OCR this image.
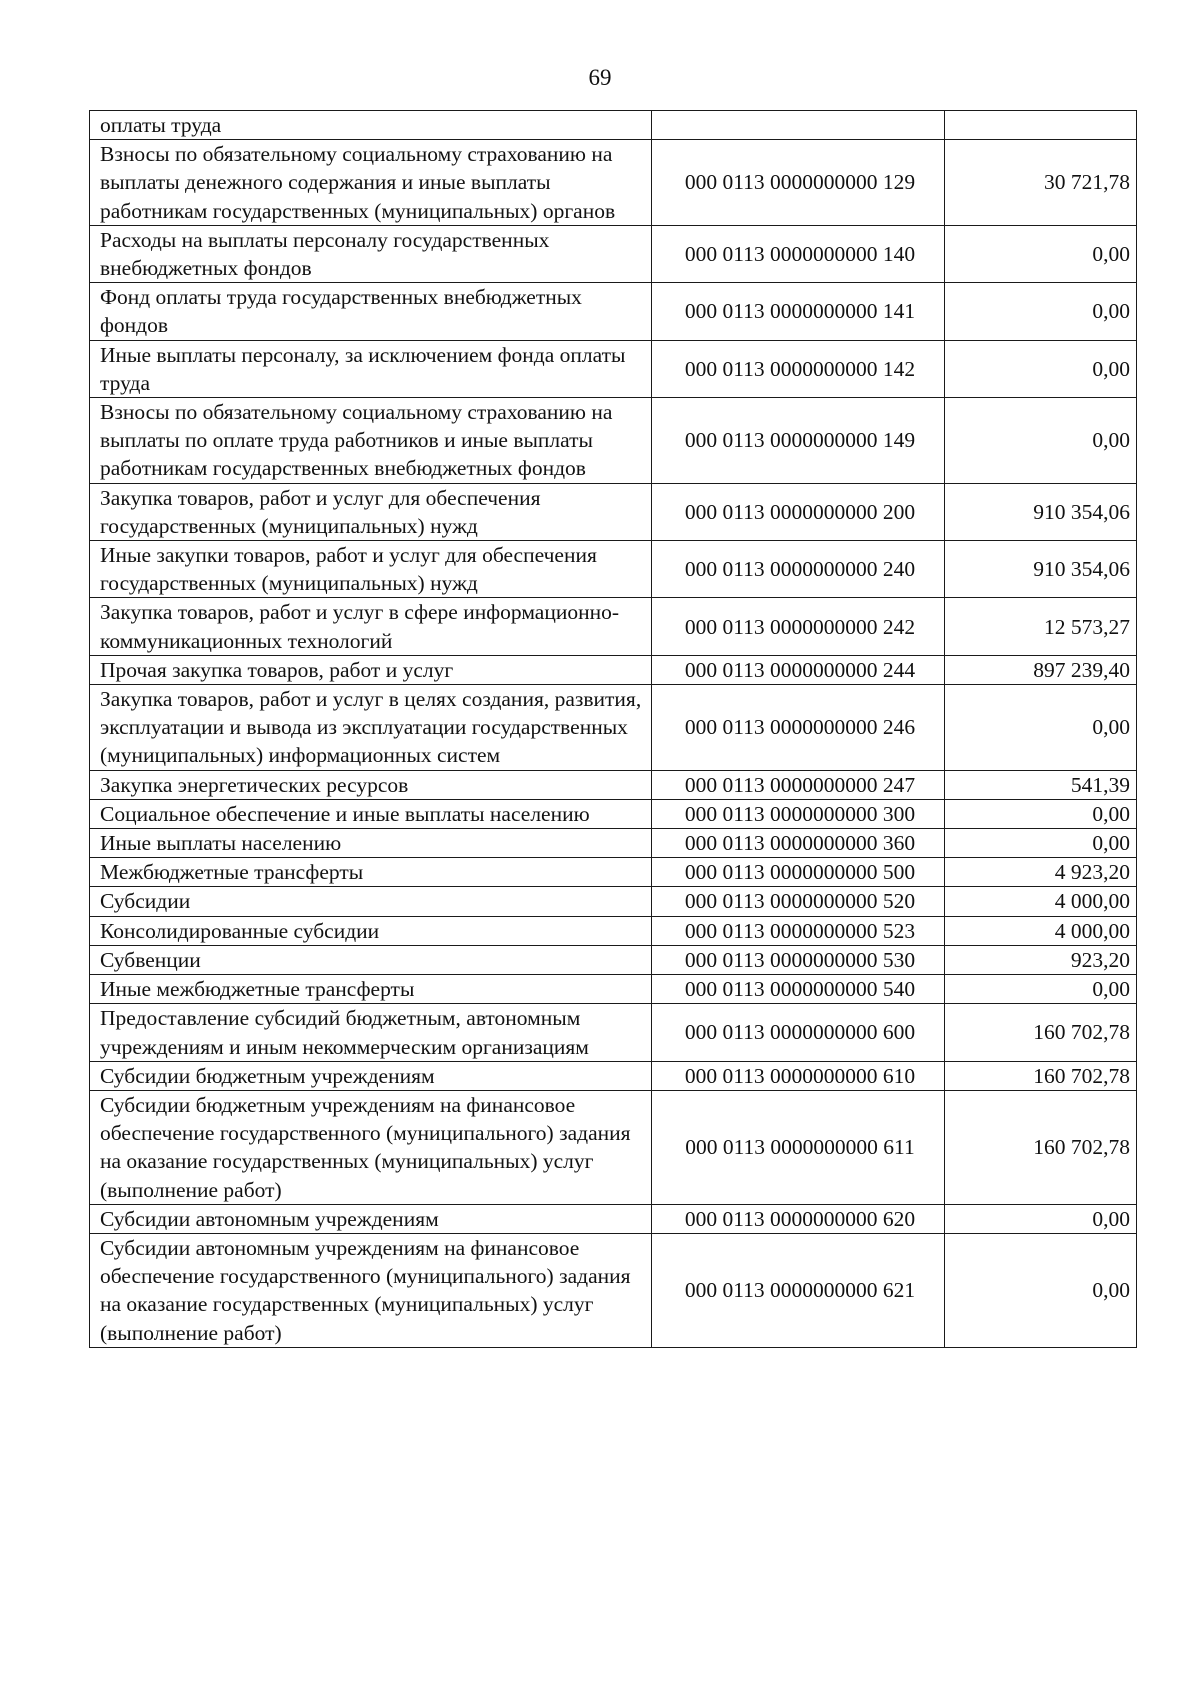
69
оплаты труда		
Взносы по обязательному социальному страхованию на выплаты денежного содержания и иные выплаты работникам государственных (муниципальных) органов	000 0113 0000000000 129	30 721,78
Расходы на выплаты персоналу государственных внебюджетных фондов	000 0113 0000000000 140	0,00
Фонд оплаты труда государственных внебюджетных фондов	000 0113 0000000000 141	0,00
Иные выплаты персоналу, за исключением фонда оплаты труда	000 0113 0000000000 142	0,00
Взносы по обязательному социальному страхованию на выплаты по оплате труда работников и иные выплаты работникам государственных внебюджетных фондов	000 0113 0000000000 149	0,00
Закупка товаров, работ и услуг для обеспечения государственных (муниципальных) нужд	000 0113 0000000000 200	910 354,06
Иные закупки товаров, работ и услуг для обеспечения государственных (муниципальных) нужд	000 0113 0000000000 240	910 354,06
Закупка товаров, работ и услуг в сфере информационно-коммуникационных технологий	000 0113 0000000000 242	12 573,27
Прочая закупка товаров, работ и услуг	000 0113 0000000000 244	897 239,40
Закупка товаров, работ и услуг в целях создания, развития, эксплуатации и вывода из эксплуатации государственных (муниципальных) информационных систем	000 0113 0000000000 246	0,00
Закупка энергетических ресурсов	000 0113 0000000000 247	541,39
Социальное обеспечение и иные выплаты населению	000 0113 0000000000 300	0,00
Иные выплаты населению	000 0113 0000000000 360	0,00
Межбюджетные трансферты	000 0113 0000000000 500	4 923,20
Субсидии	000 0113 0000000000 520	4 000,00
Консолидированные субсидии	000 0113 0000000000 523	4 000,00
Субвенции	000 0113 0000000000 530	923,20
Иные межбюджетные трансферты	000 0113 0000000000 540	0,00
Предоставление субсидий бюджетным, автономным учреждениям и иным некоммерческим организациям	000 0113 0000000000 600	160 702,78
Субсидии бюджетным учреждениям	000 0113 0000000000 610	160 702,78
Субсидии бюджетным учреждениям на финансовое обеспечение государственного (муниципального) задания на оказание государственных (муниципальных) услуг (выполнение работ)	000 0113 0000000000 611	160 702,78
Субсидии автономным учреждениям	000 0113 0000000000 620	0,00
Субсидии автономным учреждениям на финансовое обеспечение государственного (муниципального) задания на оказание государственных (муниципальных) услуг (выполнение работ)	000 0113 0000000000 621	0,00
